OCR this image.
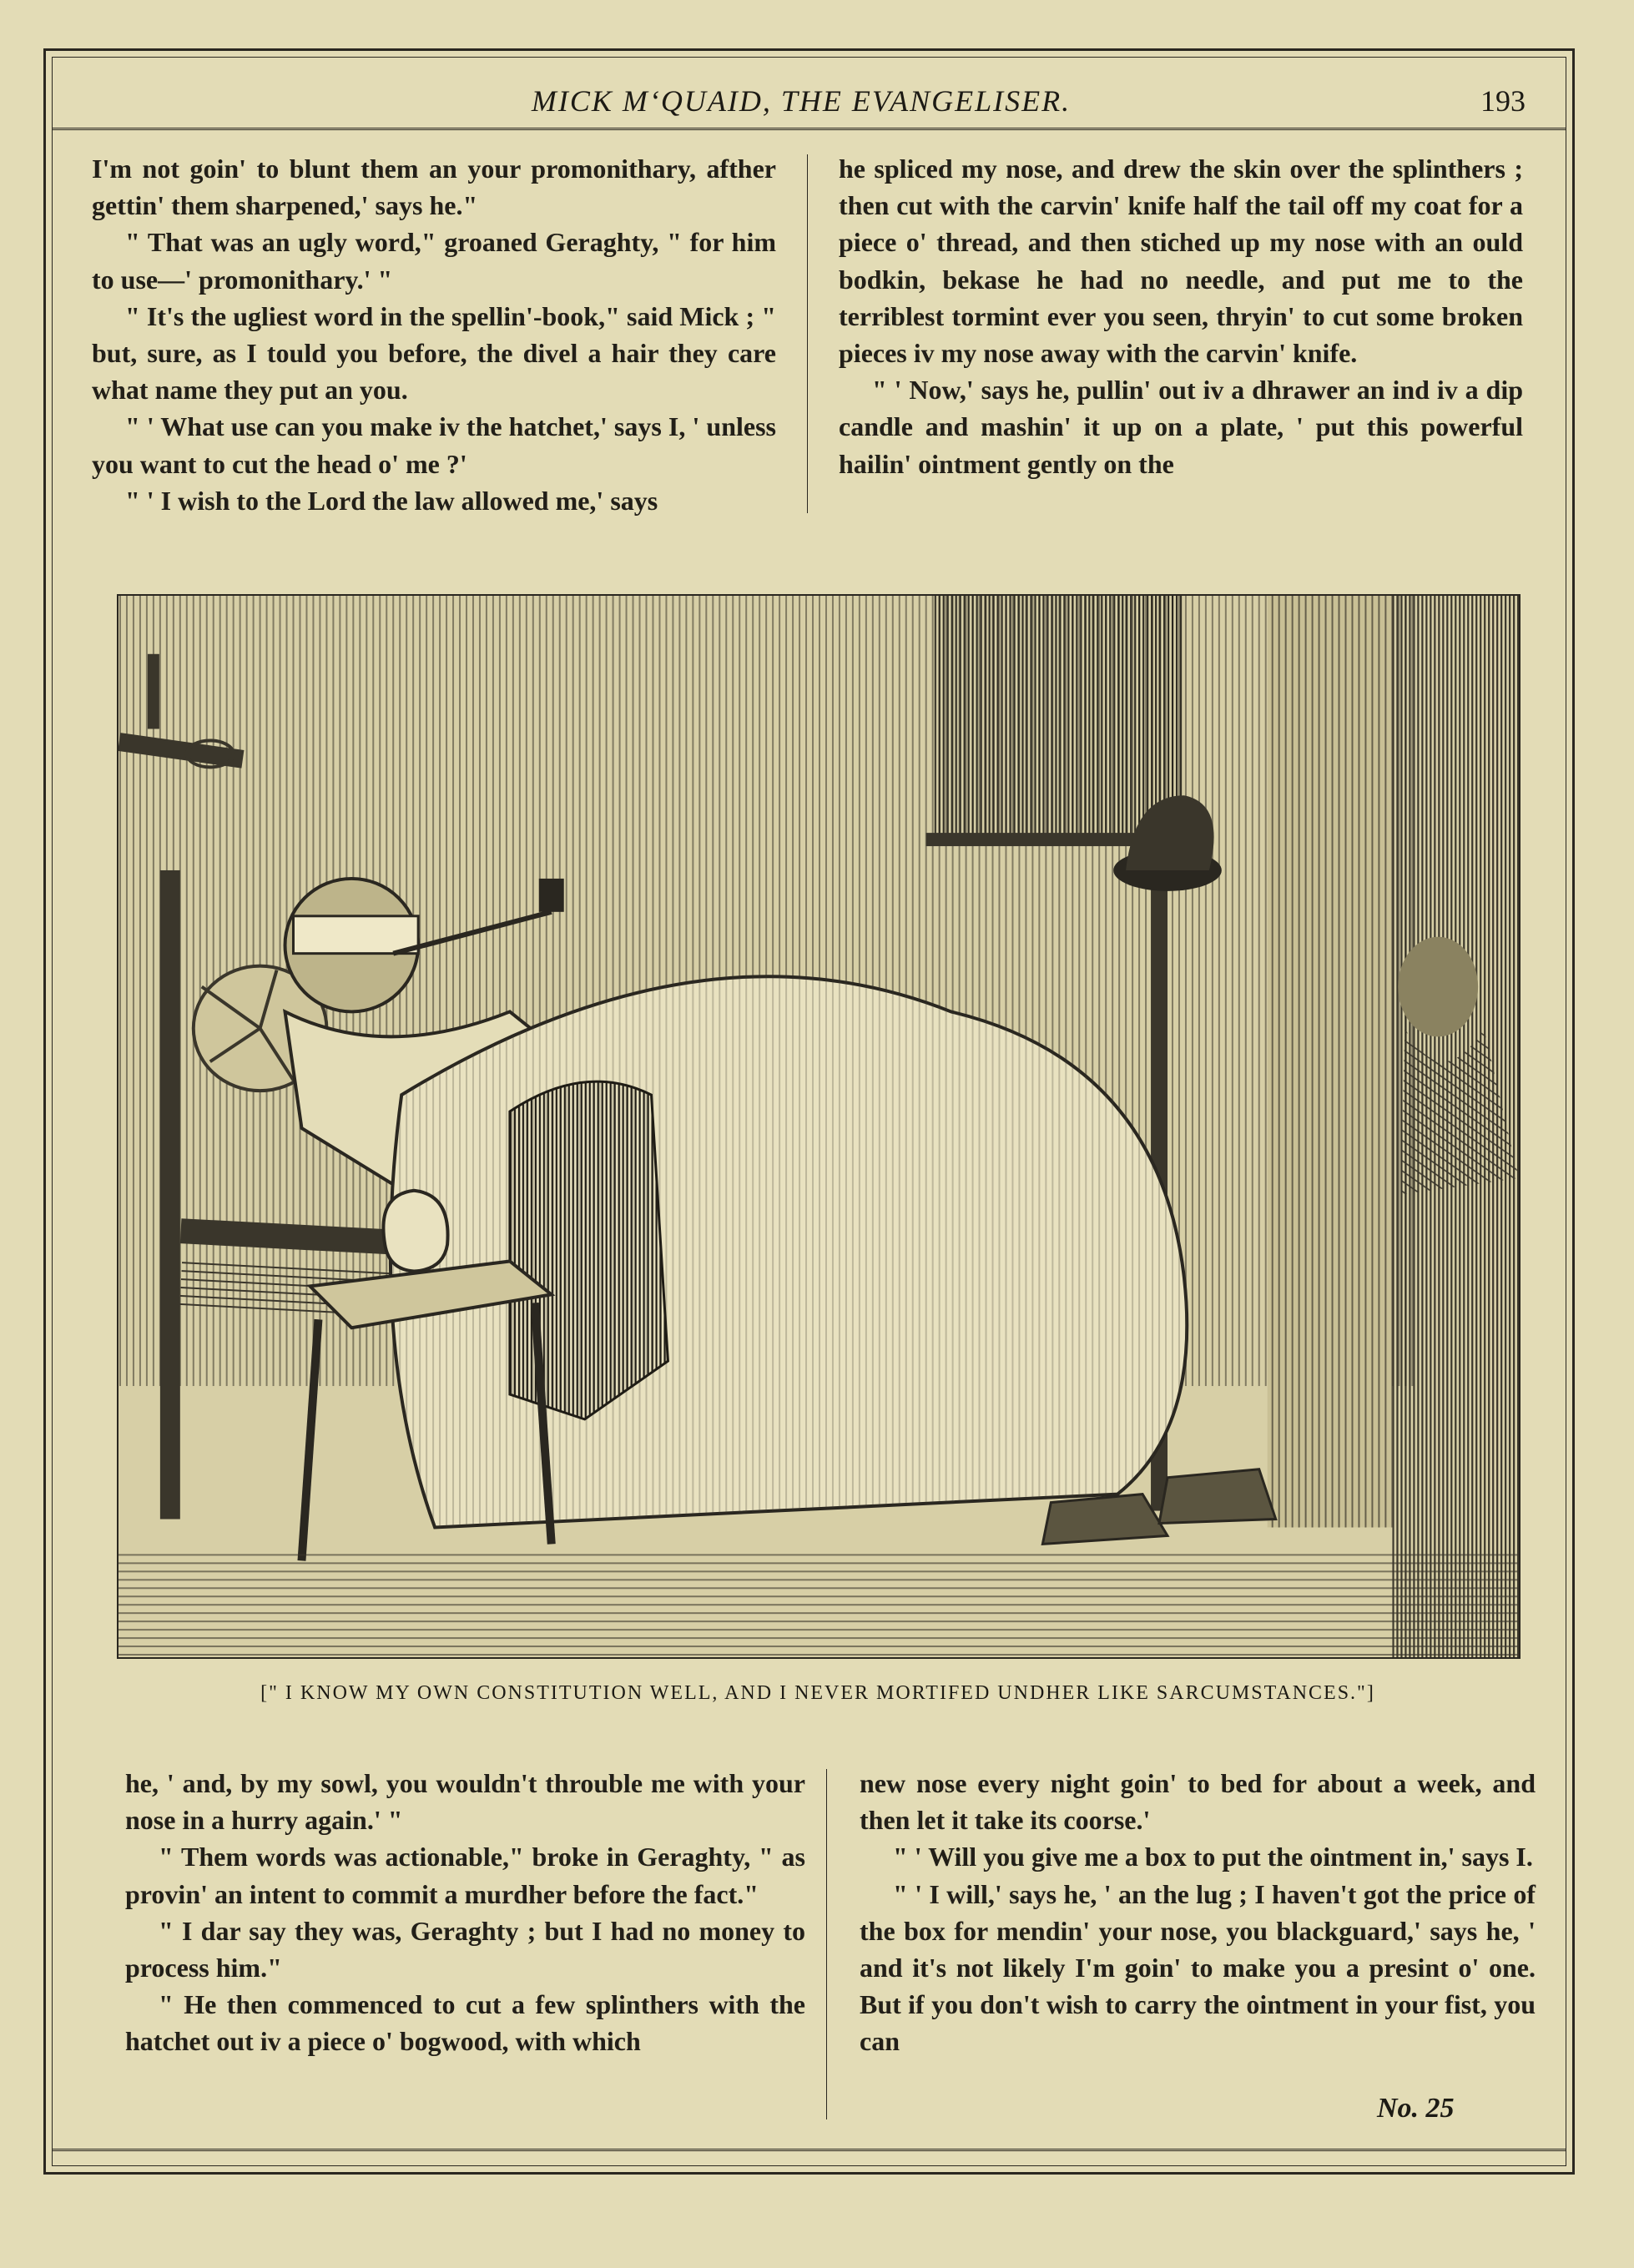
MICK M‘QUAID, THE EVANGELISER.	193

I'm not goin' to blunt them an your promonithary, afther gettin' them sharpened,' says he."

" That was an ugly word," groaned Geraghty, " for him to use—' promonithary.' "

" It's the ugliest word in the spellin'-book," said Mick ; " but, sure, as I tould you before, the divel a hair they care what name they put an you.

" ' What use can you make iv the hatchet,' says I, ' unless you want to cut the head o' me ?'

" ' I wish to the Lord the law allowed me,' says

he spliced my nose, and drew the skin over the splinthers ; then cut with the carvin' knife half the tail off my coat for a piece o' thread, and then stiched up my nose with an ould bodkin, bekase he had no needle, and put me to the terriblest tormint ever you seen, thryin' to cut some broken pieces iv my nose away with the carvin' knife.

" ' Now,' says he, pullin' out iv a dhrawer an ind iv a dip candle and mashin' it up on a plate, ' put this powerful hailin' ointment gently on the

[" I KNOW MY OWN CONSTITUTION WELL, AND I NEVER MORTIFED UNDHER LIKE SARCUMSTANCES."]

he, ' and, by my sowl, you wouldn't throuble me with your nose in a hurry again.' "

" Them words was actionable," broke in Geraghty, " as provin' an intent to commit a murdher before the fact."

" I dar say they was, Geraghty ; but I had no money to process him."

" He then commenced to cut a few splinthers with the hatchet out iv a piece o' bogwood, with which

new nose every night goin' to bed for about a week, and then let it take its coorse.'

" ' Will you give me a box to put the ointment in,' says I.

" ' I will,' says he, ' an the lug ; I haven't got the price of the box for mendin' your nose, you blackguard,' says he, ' and it's not likely I'm goin' to make you a presint o' one. But if you don't wish to carry the ointment in your fist, you can

No. 25
